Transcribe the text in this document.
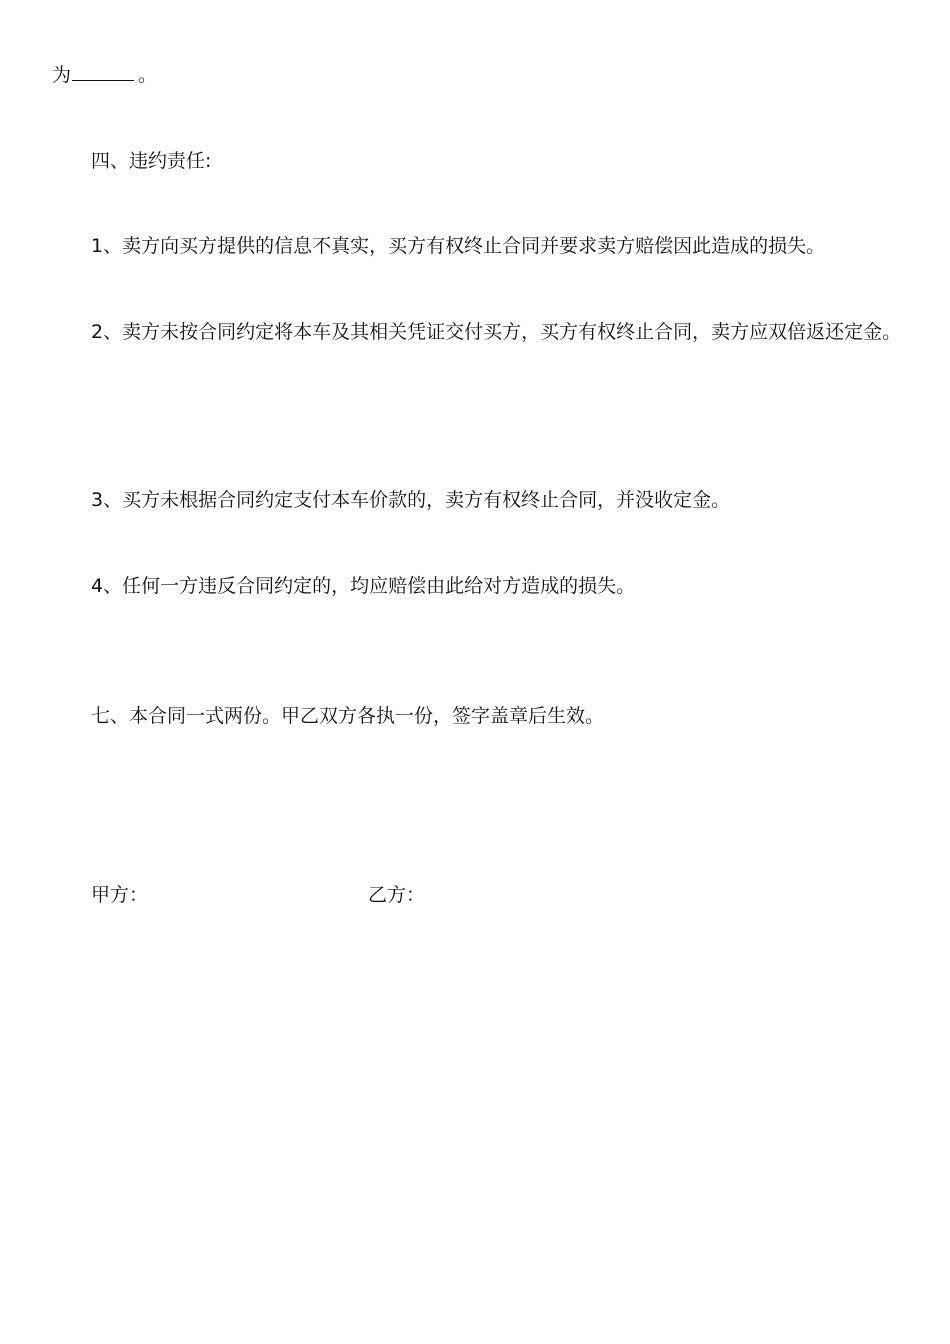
为	。
四、违约责任:
1、卖方向买方提供的信息不真实，买方有权终止合同并要求卖方赔偿因此造成的损失。
2、卖方未按合同约定将本车及其相关凭证交付买方，买方有权终止合同，卖方应双倍返还定金。
3、买方未根据合同约定支付本车价款的，卖方有权终止合同，并没收定金。
4、任何一方违反合同约定的，均应赔偿由此给对方造成的损失。
七、本合同一式两份。甲乙双方各执一份，签字盖章后生效。
甲方：	乙方：
